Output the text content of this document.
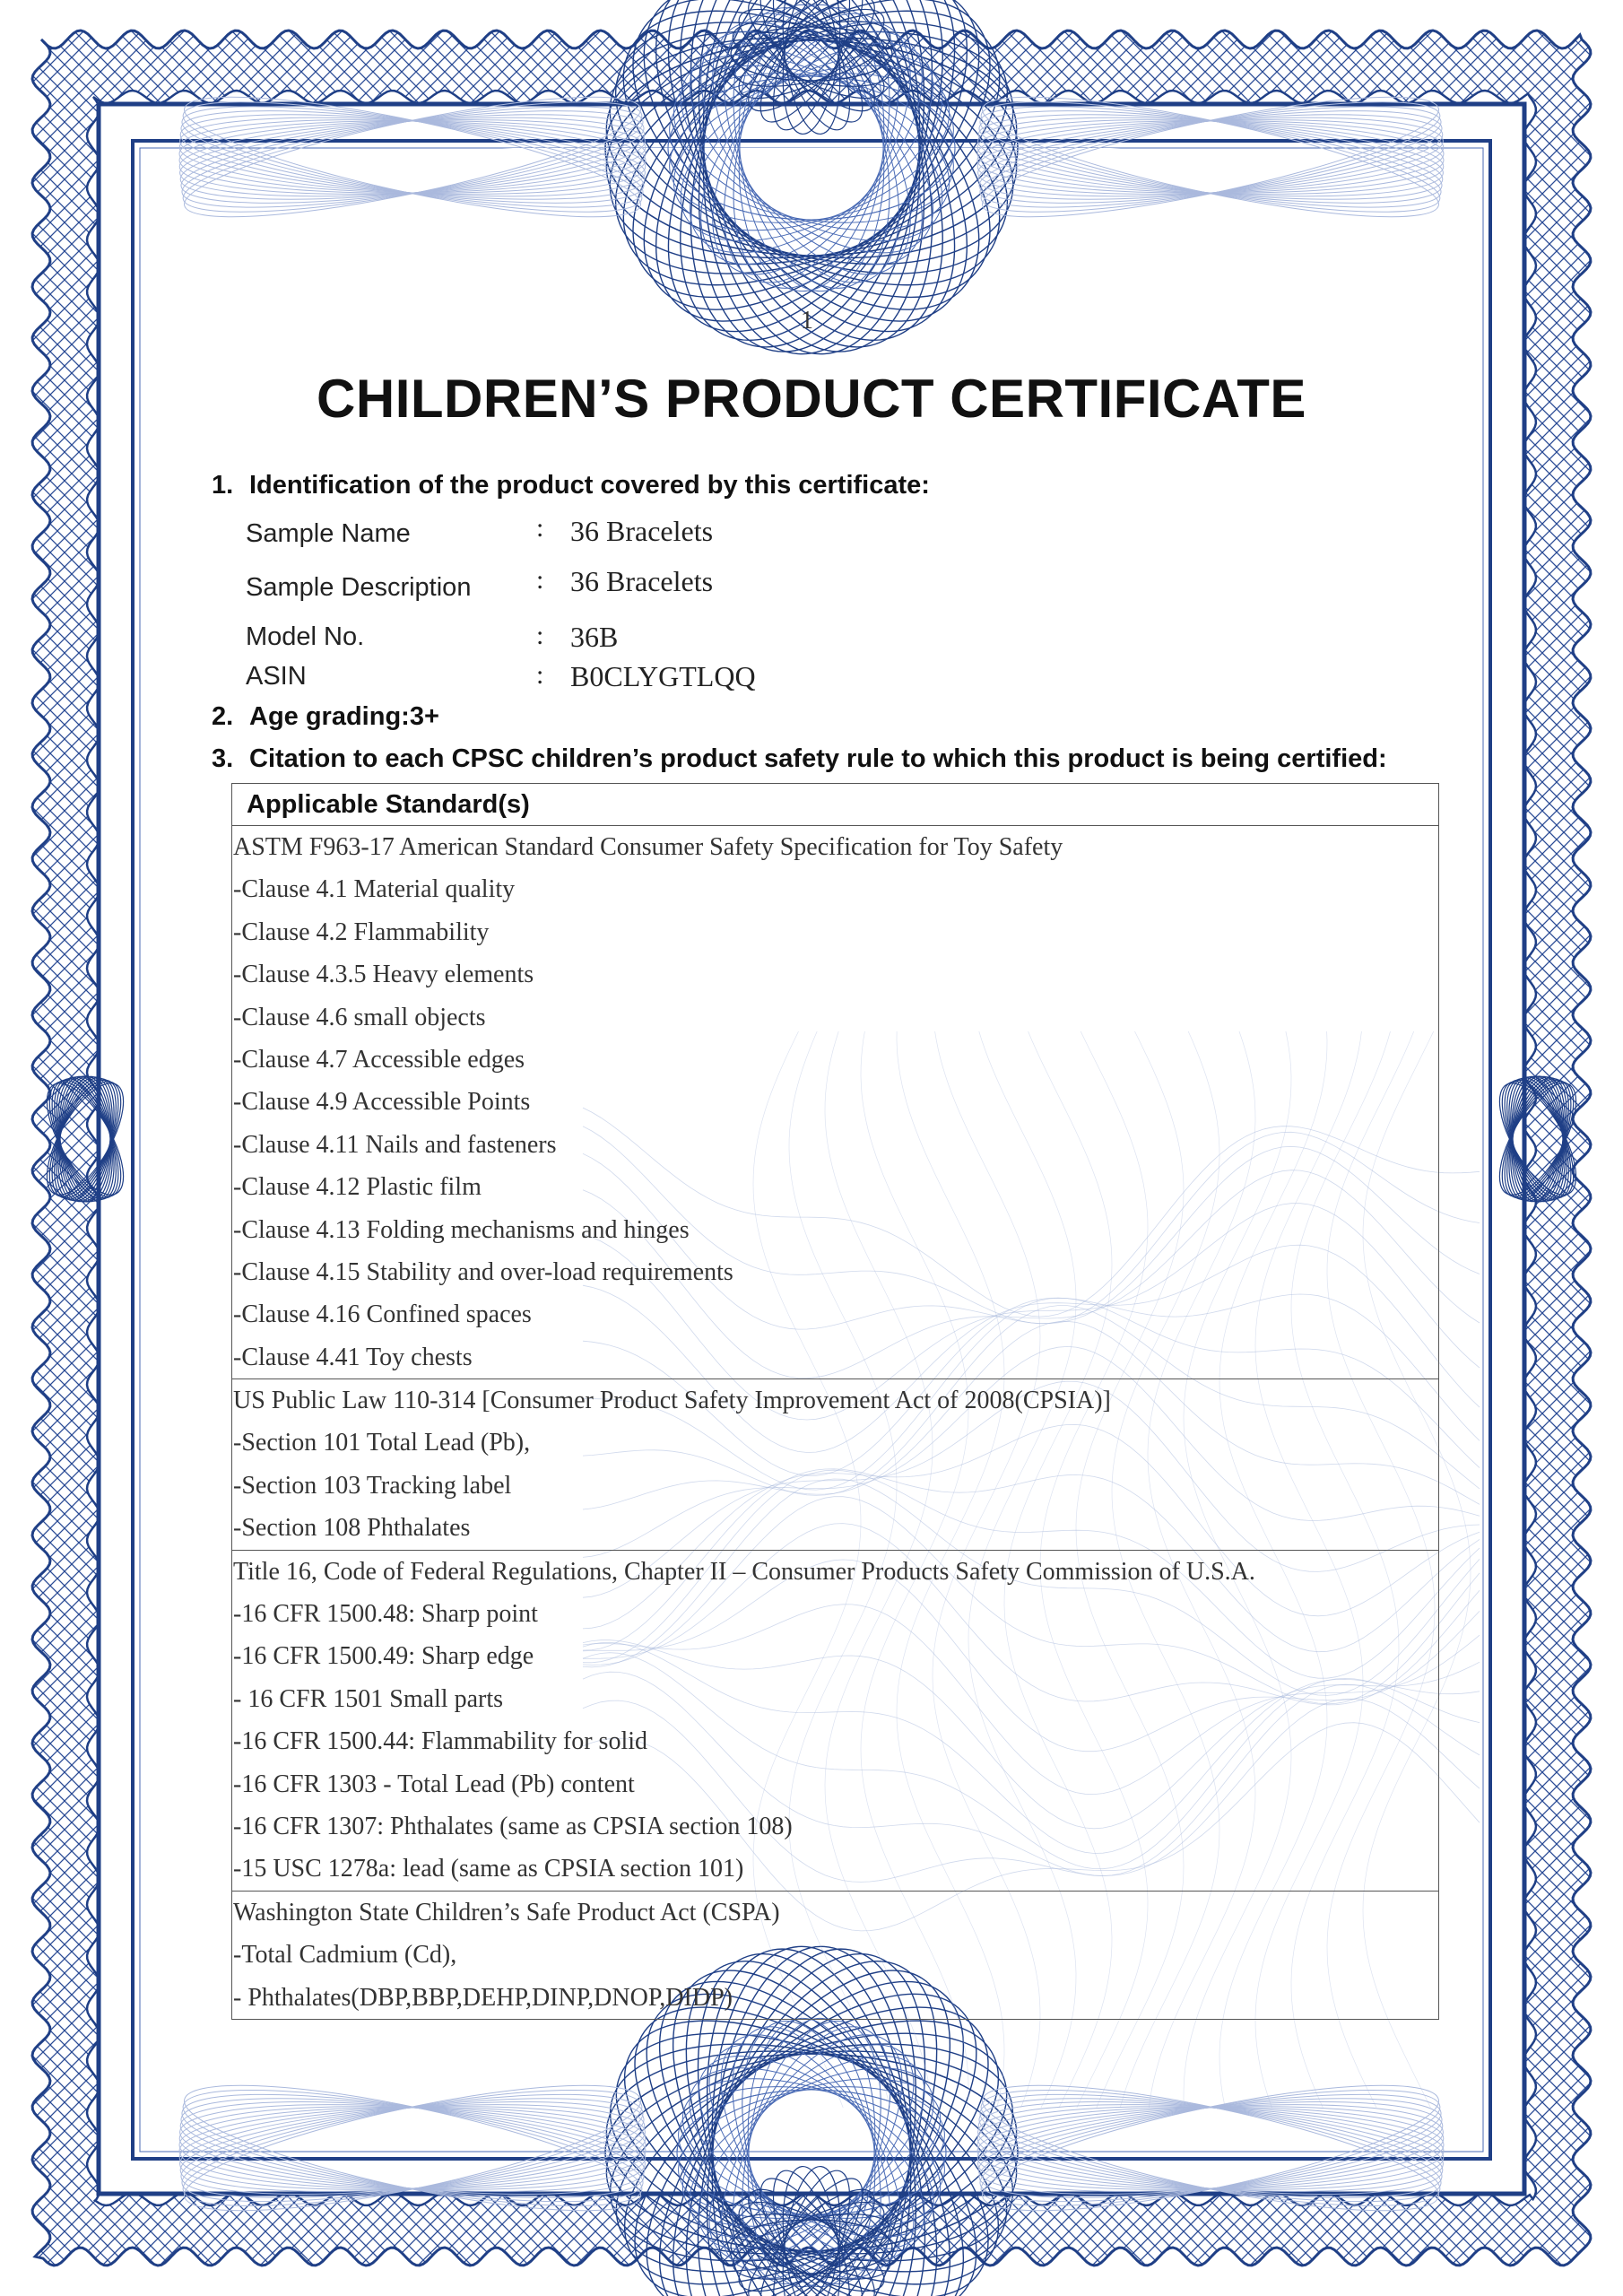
1
CHILDREN’S PRODUCT CERTIFICATE
1. Identification of the product covered by this certificate:
Sample Name	: 36 Bracelets
Sample Description : 36 Bracelets
Model No.	: 36B
ASIN	: B0CLYGTLQQ
2. Age grading:3+
3. Citation to each CPSC children’s product safety rule to which this product is being certified:
Applicable Standard(s)

ASTM F963-17 American Standard Consumer Safety Specification for Toy Safety
-Clause 4.1 Material quality
-Clause 4.2 Flammability
-Clause 4.3.5 Heavy elements
-Clause 4.6 small objects
-Clause 4.7 Accessible edges
-Clause 4.9 Accessible Points
-Clause 4.11 Nails and fasteners
-Clause 4.12 Plastic film
-Clause 4.13 Folding mechanisms and hinges
-Clause 4.15 Stability and over-load requirements
-Clause 4.16 Confined spaces
-Clause 4.41 Toy chests

US Public Law 110-314 [Consumer Product Safety Improvement Act of 2008(CPSIA)]
-Section 101 Total Lead (Pb),
-Section 103 Tracking label
-Section 108 Phthalates

Title 16, Code of Federal Regulations, Chapter II – Consumer Products Safety Commission of U.S.A.
-16 CFR 1500.48: Sharp point
-16 CFR 1500.49: Sharp edge
- 16 CFR 1501 Small parts
-16 CFR 1500.44: Flammability for solid
-16 CFR 1303 - Total Lead (Pb) content
-16 CFR 1307: Phthalates (same as CPSIA section 108)
-15 USC 1278a: lead (same as CPSIA section 101)

Washington State Children’s Safe Product Act (CSPA)
-Total Cadmium (Cd),
- Phthalates(DBP,BBP,DEHP,DINP,DNOP,DIDP)
